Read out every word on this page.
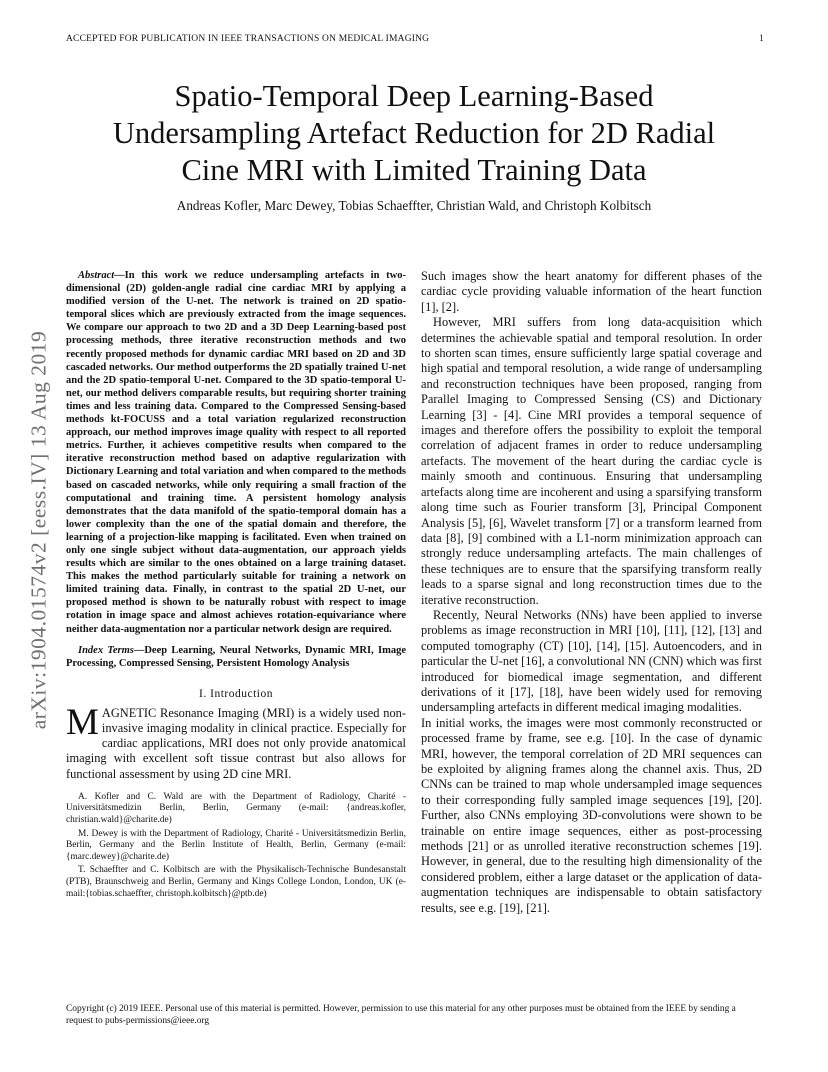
ACCEPTED FOR PUBLICATION IN IEEE TRANSACTIONS ON MEDICAL IMAGING	1
Spatio-Temporal Deep Learning-Based
Undersampling Artefact Reduction for 2D Radial
Cine MRI with Limited Training Data
Andreas Kofler, Marc Dewey, Tobias Schaeffter, Christian Wald, and Christoph Kolbitsch
arXiv:1904.01574v2 [eess.IV] 13 Aug 2019
Abstract—In this work we reduce undersampling artefacts in two-dimensional (2D) golden-angle radial cine cardiac MRI by applying a modified version of the U-net. The network is trained on 2D spatio-temporal slices which are previously extracted from the image sequences. We compare our approach to two 2D and a 3D Deep Learning-based post processing methods, three iterative reconstruction methods and two recently proposed methods for dynamic cardiac MRI based on 2D and 3D cascaded networks. Our method outperforms the 2D spatially trained U-net and the 2D spatio-temporal U-net. Compared to the 3D spatio-temporal U-net, our method delivers comparable results, but requiring shorter training times and less training data. Compared to the Compressed Sensing-based methods kt-FOCUSS and a total variation regularized reconstruction approach, our method improves image quality with respect to all reported metrics. Further, it achieves competitive results when compared to the iterative reconstruction method based on adaptive regularization with Dictionary Learning and total variation and when compared to the methods based on cascaded networks, while only requiring a small fraction of the computational and training time. A persistent homology analysis demonstrates that the data manifold of the spatio-temporal domain has a lower complexity than the one of the spatial domain and therefore, the learning of a projection-like mapping is facilitated. Even when trained on only one single subject without data-augmentation, our approach yields results which are similar to the ones obtained on a large training dataset. This makes the method particularly suitable for training a network on limited training data. Finally, in contrast to the spatial 2D U-net, our proposed method is shown to be naturally robust with respect to image rotation in image space and almost achieves rotation-equivariance where neither data-augmentation nor a particular network design are required.
Index Terms—Deep Learning, Neural Networks, Dynamic MRI, Image Processing, Compressed Sensing, Persistent Homology Analysis
I. Introduction
MAGNETIC Resonance Imaging (MRI) is a widely used non-invasive imaging modality in clinical practice. Especially for cardiac applications, MRI does not only provide anatomical imaging with excellent soft tissue contrast but also allows for functional assessment by using 2D cine MRI.

A. Kofler and C. Wald are with the Department of Radiology, Charité - Universitätsmedizin Berlin, Berlin, Germany (e-mail: {andreas.kofler, christian.wald}@charite.de)

M. Dewey is with the Department of Radiology, Charité - Universitätsmedizin Berlin, Berlin, Germany and the Berlin Institute of Health, Berlin, Germany (e-mail: {marc.dewey}@charite.de)

T. Schaeffter and C. Kolbitsch are with the Physikalisch-Technische Bundesanstalt (PTB), Braunschweig and Berlin, Germany and Kings College London, London, UK (e-mail:{tobias.schaeffter, christoph.kolbitsch}@ptb.de)

Such images show the heart anatomy for different phases of the cardiac cycle providing valuable information of the heart function [1], [2].

However, MRI suffers from long data-acquisition which determines the achievable spatial and temporal resolution. In order to shorten scan times, ensure sufficiently large spatial coverage and high spatial and temporal resolution, a wide range of undersampling and reconstruction techniques have been proposed, ranging from Parallel Imaging to Compressed Sensing (CS) and Dictionary Learning [3] - [4]. Cine MRI provides a temporal sequence of images and therefore offers the possibility to exploit the temporal correlation of adjacent frames in order to reduce undersampling artefacts. The movement of the heart during the cardiac cycle is mainly smooth and continuous. Ensuring that undersampling artefacts along time are incoherent and using a sparsifying transform along time such as Fourier transform [3], Principal Component Analysis [5], [6], Wavelet transform [7] or a transform learned from data [8], [9] combined with a L1-norm minimization approach can strongly reduce undersampling artefacts. The main challenges of these techniques are to ensure that the sparsifying transform really leads to a sparse signal and long reconstruction times due to the iterative reconstruction.

Recently, Neural Networks (NNs) have been applied to inverse problems as image reconstruction in MRI [10], [11], [12], [13] and computed tomography (CT) [10], [14], [15]. Autoencoders, and in particular the U-net [16], a convolutional NN (CNN) which was first introduced for biomedical image segmentation, and different derivations of it [17], [18], have been widely used for removing undersampling artefacts in different medical imaging modalities.

In initial works, the images were most commonly reconstructed or processed frame by frame, see e.g. [10]. In the case of dynamic MRI, however, the temporal correlation of 2D MRI sequences can be exploited by aligning frames along the channel axis. Thus, 2D CNNs can be trained to map whole undersampled image sequences to their corresponding fully sampled image sequences [19], [20]. Further, also CNNs employing 3D-convolutions were shown to be trainable on entire image sequences, either as post-processing methods [21] or as unrolled iterative reconstruction schemes [19]. However, in general, due to the resulting high dimensionality of the considered problem, either a large dataset or the application of data-augmentation techniques are indispensable to obtain satisfactory results, see e.g. [19], [21].

Copyright (c) 2019 IEEE. Personal use of this material is permitted. However, permission to use this material for any other purposes must be obtained from the IEEE by sending a request to pubs-permissions@ieee.org
